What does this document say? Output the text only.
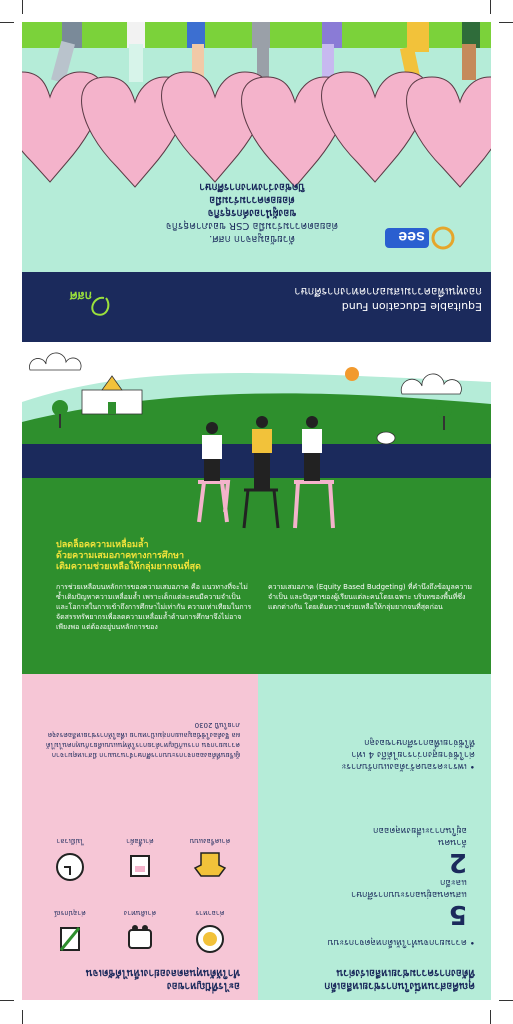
ด้วยข้อมูลจาก กสศ.
ต่อยอดความร่วมมือ CSR ของภาคธุรกิจ
ของผู้นำองค์กรธุรกิจ
ต่อยอดความร่วมมือ
ปิดช่องว่างทางการศึกษา
see
Equitable Education Fund
กองทุนเพื่อความเสมอภาคทางการศึกษา
กสศ
ปลดล็อคความเหลื่อมล้ำ
ด้วยความเสมอภาคทางการศึกษา
เติมความช่วยเหลือให้กลุ่มยากจนที่สุด
การช่วยเหลือบนหลักการของความเสมอภาค คือ แนวทางที่จะไม่ซ้ำเติมปัญหาความเหลื่อมล้ำ เพราะเด็กแต่ละคนมีความจำเป็นและโอกาสในการเข้าถึงการศึกษาไม่เท่ากัน ความเท่าเทียมในการจัดสรรทรัพยากรเพื่อลดความเหลื่อมล้ำด้านการศึกษาจึงไม่อาจเพียงพอ แต่ต้องอยู่บนหลักการของ
ความเสมอภาค (Equity Based Budgeting) ที่คำนึงถึงข้อมูลความจำเป็น และปัญหาของผู้เรียนแต่ละคนโดยเฉพาะ บริบทของพื้นที่ซึ่งแตกต่างกัน โดยเติมความช่วยเหลือให้กลุ่มยากจนที่สุดก่อน
อะไรที่ปัญหาของ
ทำให้ต้นทุนลดลงอย่างเห็นได้ชัดเจน
ค่าอาหาร
ค่าเดินทาง
ค่าอุปกรณ์
ค่าเครื่องแบบ
ค่าเสื้อผ้า
ไม่มีเวลา
ผู้เรียนที่ต้องออกจากระบบการศึกษาจำนวนมาก มีสาเหตุมาจากความยากจน การแก้ปัญหาด้วยการให้ทุนแบบเดียวกันทุกคนไม่ได้ผล จึงต้องใช้ข้อมูลแยกกลุ่มเป้าหมาย เพื่อให้การช่วยเหลือตรงจุดภายในปี 2030
คุณคือส่วนหนึ่งในการช่วยเหลือเด็ก
ที่ต้องการความช่วยเหลือเร่งด่วน
• ความยากจนทำให้เด็กหลุดจากระบบ
5
แสนคนอยู่นอกระบบการศึกษา
และอีก
2
ล้านคน
อยู่ในภาวะเสี่ยงหลุดออก
• เพราะครอบครัวต้องแบกรับภาระ
ค่าใช้จ่ายสูงกว่ารายได้ถึง 4 เท่า
ที่ใช้จ่ายเพื่อการศึกษาของลูก
